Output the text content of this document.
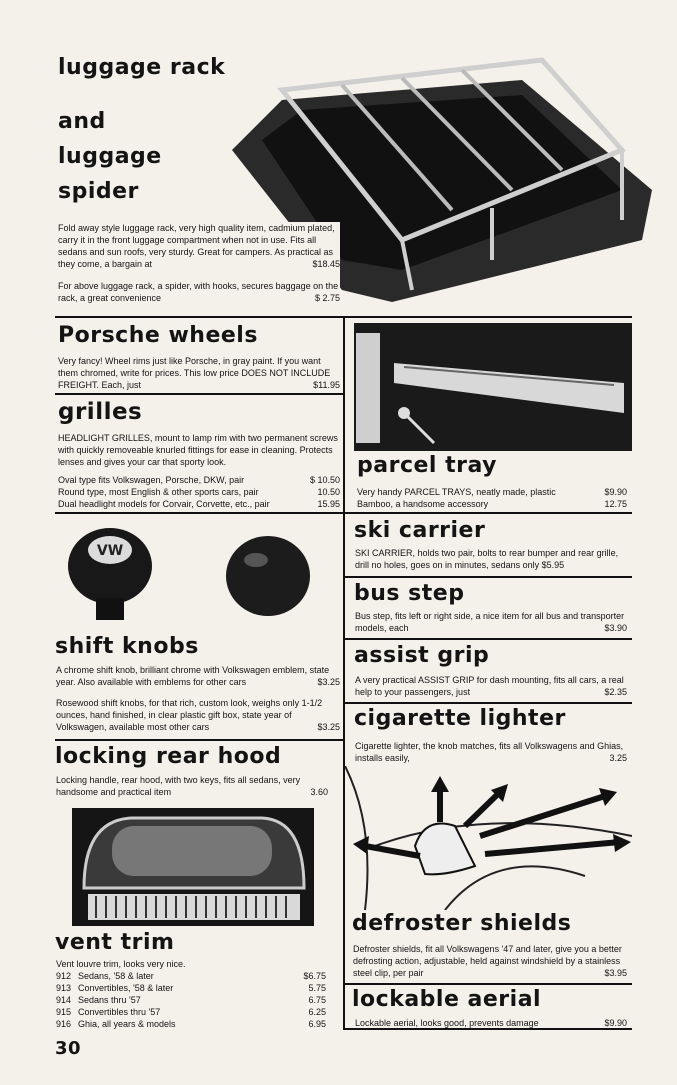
luggage rack
and
luggage
spider
Fold away style luggage rack, very high quality item, cadmium plated, carry it in the front luggage compartment when not in use. Fits all sedans and sun roofs, very sturdy. Great for campers. As practical as they come, a bargain at	$18.45
For above luggage rack, a spider, with hooks, secures baggage on the rack, a great convenience	$ 2.75
Porsche wheels
Very fancy! Wheel rims just like Porsche, in gray paint. If you want them chromed, write for prices. This low price DOES NOT INCLUDE FREIGHT. Each, just	$11.95
grilles
HEADLIGHT GRILLES, mount to lamp rim with two permanent screws with quickly removeable knurled fittings for ease in cleaning. Protects lenses and gives your car that sporty look.
Oval type fits Volkswagen, Porsche, DKW, pair	$ 10.50
Round type, most English & other sports cars, pair	10.50
Dual headlight models for Corvair, Corvette, etc., pair	15.95
VW
shift knobs
A chrome shift knob, brilliant chrome with Volkswagen emblem, state year. Also available with emblems for other cars	$3.25
Rosewood shift knobs, for that rich, custom look, weighs only 1-1/2 ounces, hand finished, in clear plastic gift box, state year of Volkswagen, available most other cars	$3.25
locking rear hood
Locking handle, rear hood, with two keys, fits all sedans, very handsome and practical item	3.60
vent trim
Vent louvre trim, looks very nice.
912 Sedans, '58 & later	$6.75
913 Convertibles, '58 & later	5.75
914 Sedans thru '57	6.75
915 Convertibles thru '57	6.25
916 Ghia, all years & models	6.95
30
parcel tray
Very handy PARCEL TRAYS, neatly made, plastic	$9.90
Bamboo, a handsome accessory	12.75
ski carrier
SKI CARRIER, holds two pair, bolts to rear bumper and rear grille, drill no holes, goes on in minutes, sedans only $5.95
bus step
Bus step, fits left or right side, a nice item for all bus and transporter models, each	$3.90
assist grip
A very practical ASSIST GRIP for dash mounting, fits all cars, a real help to your passengers, just	$2.35
cigarette lighter
Cigarette lighter, the knob matches, fits all Volkswagens and Ghias, installs easily,	3.25
defroster shields
Defroster shields, fit all Volkswagens '47 and later, give you a better defrosting action, adjustable, held against windshield by a stainless steel clip, per pair	$3.95
lockable aerial
Lockable aerial, looks good, prevents damage	$9.90
